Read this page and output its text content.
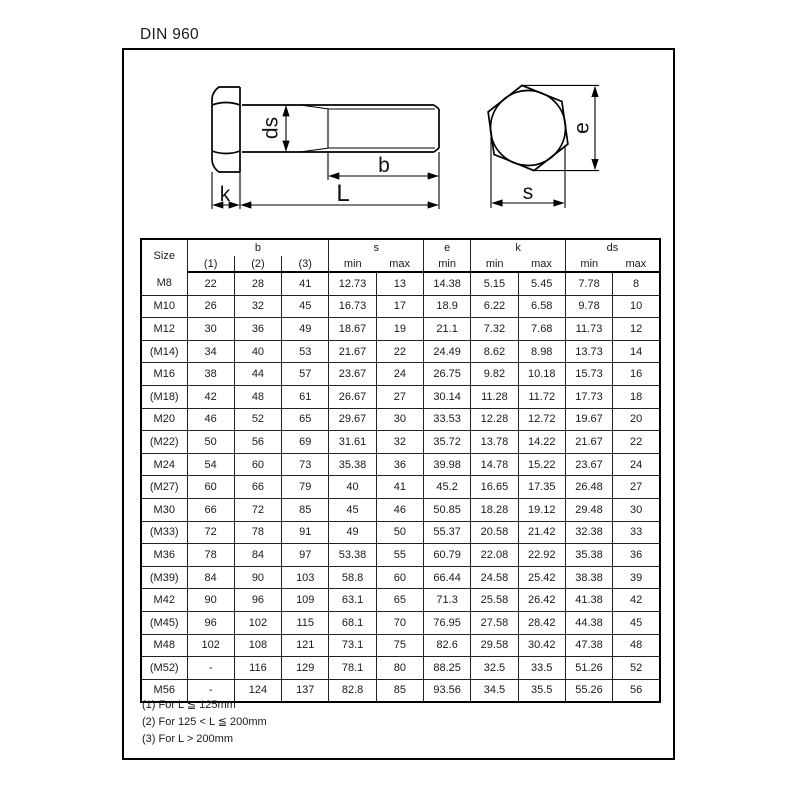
DIN 960
ds
b
k	L
e
s
Size	b			s		e	k		ds	
	(1)	(2)	(3)	min	max	min	min	max	min	max
M8	22	28	41	12.73	13	14.38	5.15	5.45	7.78	8
M10	26	32	45	16.73	17	18.9	6.22	6.58	9.78	10
M12	30	36	49	18.67	19	21.1	7.32	7.68	11.73	12
(M14)	34	40	53	21.67	22	24.49	8.62	8.98	13.73	14
M16	38	44	57	23.67	24	26.75	9.82	10.18	15.73	16
(M18)	42	48	61	26.67	27	30.14	11.28	11.72	17.73	18
M20	46	52	65	29.67	30	33.53	12.28	12.72	19.67	20
(M22)	50	56	69	31.61	32	35.72	13.78	14.22	21.67	22
M24	54	60	73	35.38	36	39.98	14.78	15.22	23.67	24
(M27)	60	66	79	40	41	45.2	16.65	17.35	26.48	27
M30	66	72	85	45	46	50.85	18.28	19.12	29.48	30
(M33)	72	78	91	49	50	55.37	20.58	21.42	32.38	33
M36	78	84	97	53.38	55	60.79	22.08	22.92	35.38	36
(M39)	84	90	103	58.8	60	66.44	24.58	25.42	38.38	39
M42	90	96	109	63.1	65	71.3	25.58	26.42	41.38	42
(M45)	96	102	115	68.1	70	76.95	27.58	28.42	44.38	45
M48	102	108	121	73.1	75	82.6	29.58	30.42	47.38	48
(M52)	-	116	129	78.1	80	88.25	32.5	33.5	51.26	52
M56	-	124	137	82.8	85	93.56	34.5	35.5	55.26	56
(1) For L ≦ 125mm
(2) For 125 < L ≦ 200mm
(3) For L > 200mm
